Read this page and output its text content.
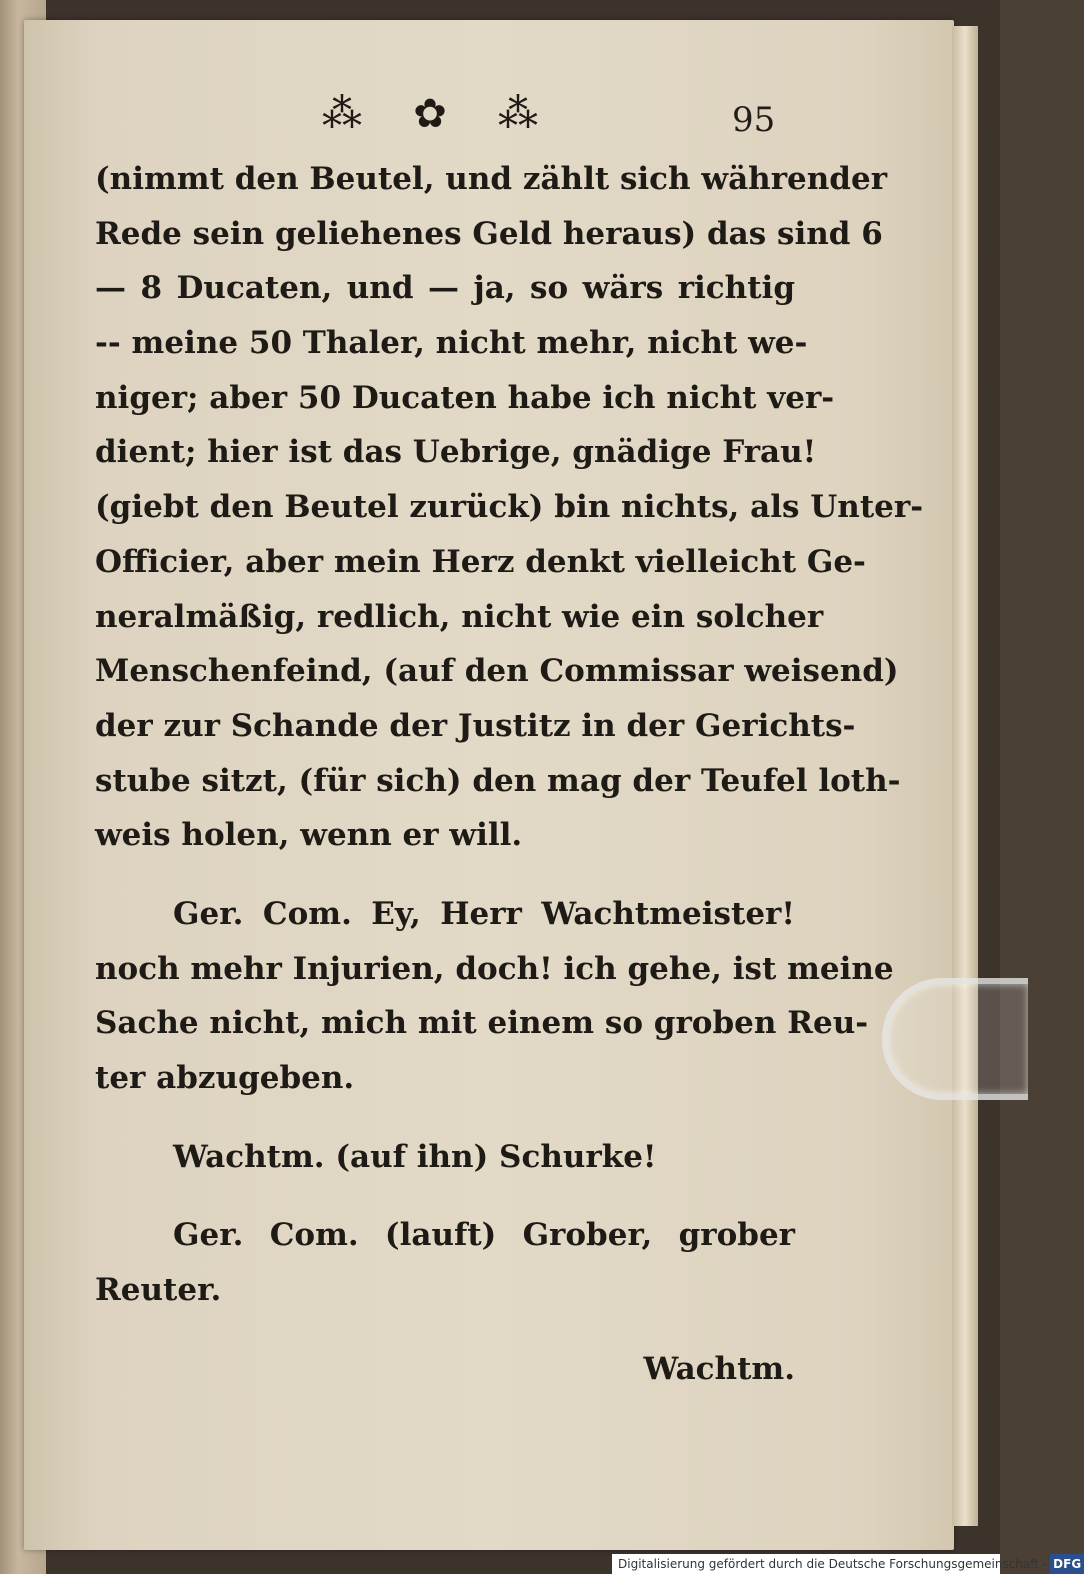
⁂ ✿ ⁂	95
(nimmt den Beutel, und zählt sich währender
Rede sein geliehenes Geld heraus) das sind 6
— 8 Ducaten, und — ja, so wärs richtig
-- meine 50 Thaler, nicht mehr, nicht we-
niger; aber 50 Ducaten habe ich nicht ver-
dient; hier ist das Uebrige, gnädige Frau!
(giebt den Beutel zurück) bin nichts, als Unter-
Officier, aber mein Herz denkt vielleicht Ge-
neralmäßig, redlich, nicht wie ein solcher
Menschenfeind, (auf den Commissar weisend)
der zur Schande der Justitz in der Gerichts-
stube sitzt, (für sich) den mag der Teufel loth-
weis holen, wenn er will.
Ger. Com. Ey, Herr Wachtmeister!
noch mehr Injurien, doch! ich gehe, ist meine
Sache nicht, mich mit einem so groben Reu-
ter abzugeben.
Wachtm. (auf ihn) Schurke!
Ger. Com. (lauft) Grober, grober
Reuter.
Wachtm.
Digitalisierung gefördert durch die Deutsche Forschungsgemeinschaft - DFG
